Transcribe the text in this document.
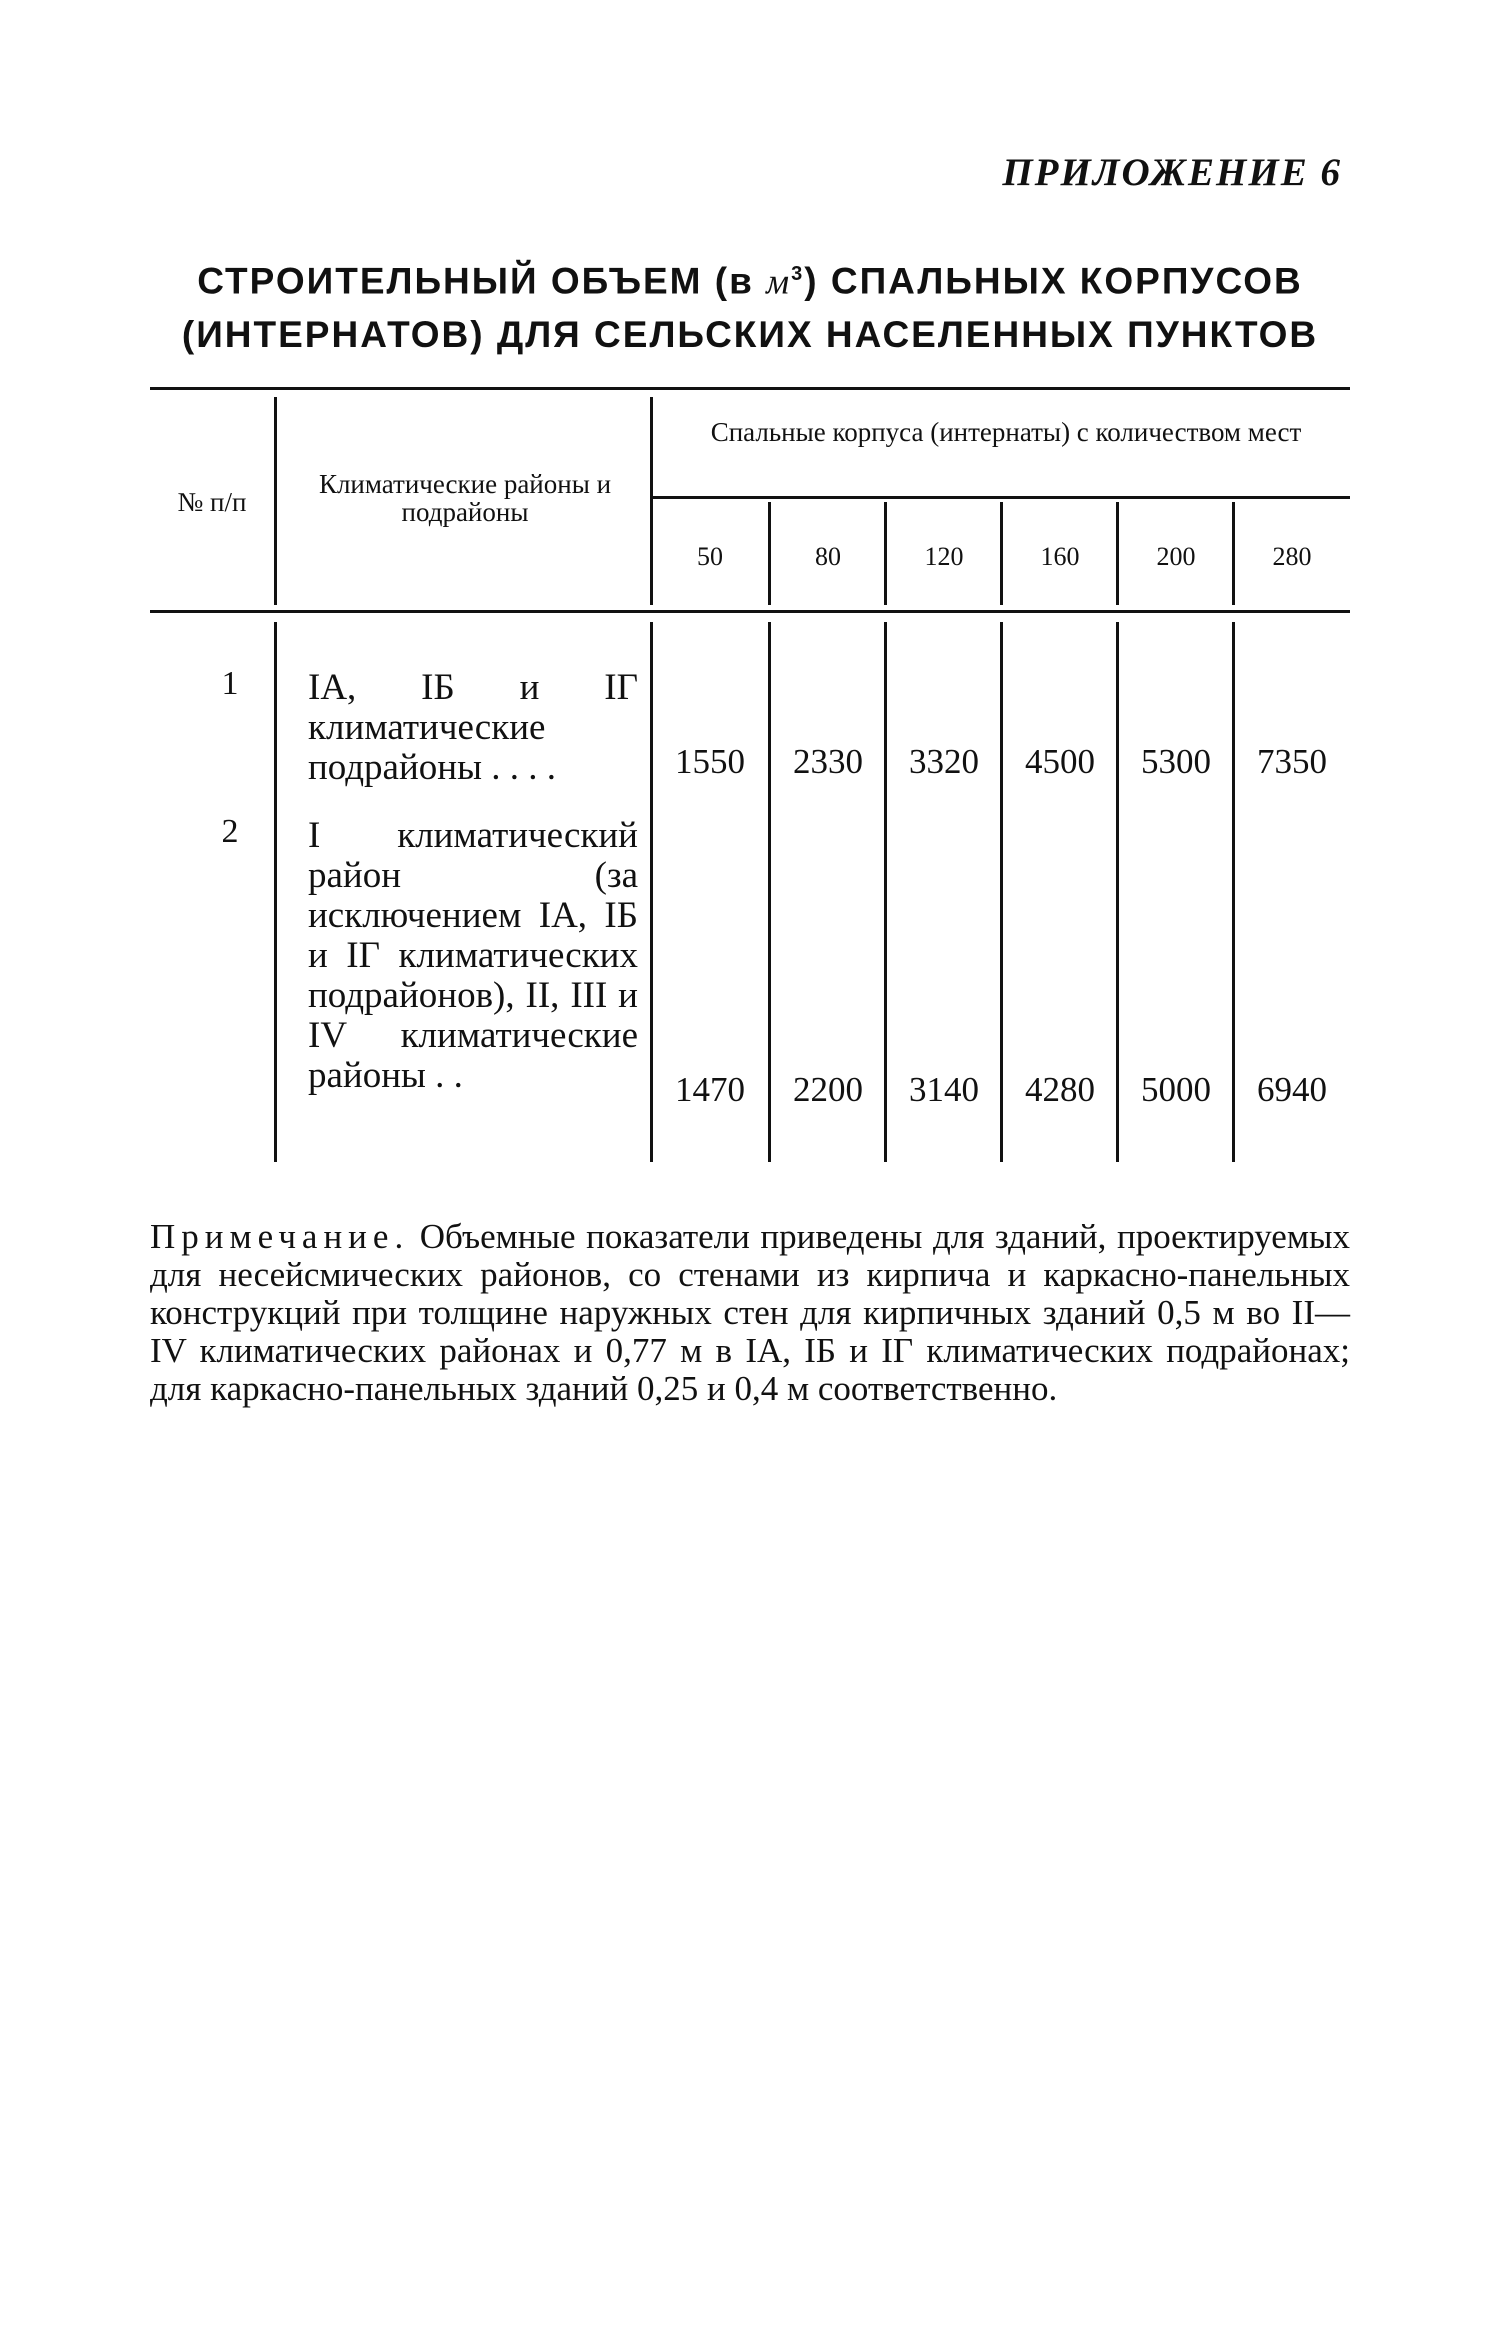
ПРИЛОЖЕНИЕ 6
СТРОИТЕЛЬНЫЙ ОБЪЕМ (в $м^3$) СПАЛЬНЫХ КОРПУСОВ
(ИНТЕРНАТОВ) ДЛЯ СЕЛЬСКИХ НАСЕЛЕННЫХ ПУНКТОВ
№ п/п
Климатические районы и подрайоны
Спальные корпуса (интернаты) с количеством мест
50	80	120	160	200	280
1	IA, IБ и IГ климатические подрайоны . . . .	1550	2330	3320	4500	5300	7350
2	I климатический район (за исключением IA, IБ и IГ климатических подрайонов), II, III и IV климатические районы . .	1470	2200	3140	4280	5000	6940
Примечание. Объемные показатели приведены для зданий, проектируемых для несейсмических районов, со стенами из кирпича и каркасно-панельных конструкций при толщине наружных стен для кирпичных зданий 0,5 м во II—IV климатических районах и 0,77 м в IA, IБ и IГ климатических подрайонах; для каркасно-панельных зданий 0,25 и 0,4 м соответственно.
